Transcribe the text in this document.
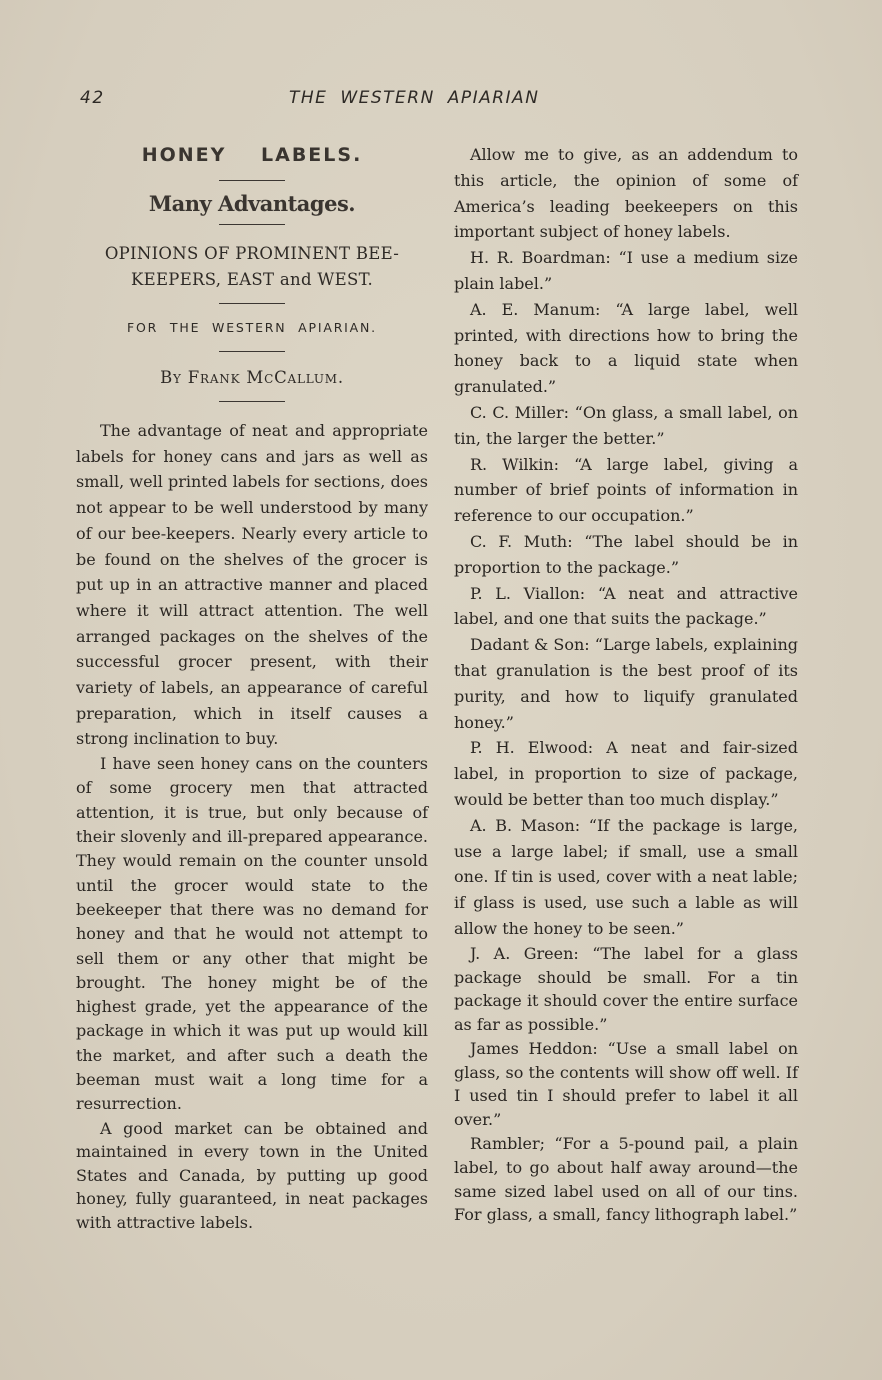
42	THE WESTERN APIARIAN
HONEY LABELS.
Many Advantages.
OPINIONS OF PROMINENT BEE-KEEPERS, EAST and WEST.
FOR THE WESTERN APIARIAN.
By Frank McCallum.

The advantage of neat and appropriate labels for honey cans and jars as well as small, well printed labels for sections, does not appear to be well understood by many of our bee-keepers. Nearly every article to be found on the shelves of the grocer is put up in an attractive manner and placed where it will attract attention. The well arranged packages on the shelves of the successful grocer present, with their variety of labels, an appearance of careful preparation, which in itself causes a strong inclination to buy.

I have seen honey cans on the counters of some grocery men that attracted attention, it is true, but only because of their slovenly and ill-prepared appearance. They would remain on the counter unsold until the grocer would state to the beekeeper that there was no demand for honey and that he would not attempt to sell them or any other that might be brought. The honey might be of the highest grade, yet the appearance of the package in which it was put up would kill the market, and after such a death the beeman must wait a long time for a resurrection.

A good market can be obtained and maintained in every town in the United States and Canada, by putting up good honey, fully guaranteed, in neat packages with attractive labels.

Allow me to give, as an addendum to this article, the opinion of some of America’s leading beekeepers on this important subject of honey labels.

H. R. Boardman: “I use a medium size plain label.”

A. E. Manum: “A large label, well printed, with directions how to bring the honey back to a liquid state when granulated.”

C. C. Miller: “On glass, a small label, on tin, the larger the better.”

R. Wilkin: “A large label, giving a number of brief points of information in reference to our occupation.”

C. F. Muth: “The label should be in proportion to the package.”

P. L. Viallon: “A neat and attractive label, and one that suits the package.”

Dadant & Son: “Large labels, explaining that granulation is the best proof of its purity, and how to liquify granulated honey.”

P. H. Elwood: A neat and fair-sized label, in proportion to size of package, would be better than too much display.”

A. B. Mason: “If the package is large, use a large label; if small, use a small one. If tin is used, cover with a neat lable; if glass is used, use such a lable as will allow the honey to be seen.”

J. A. Green: “The label for a glass package should be small. For a tin package it should cover the entire surface as far as possible.”

James Heddon: “Use a small label on glass, so the contents will show off well. If I used tin I should prefer to label it all over.”

Rambler; “For a 5-pound pail, a plain label, to go about half away around—the same sized label used on all of our tins. For glass, a small, fancy lithograph label.”
